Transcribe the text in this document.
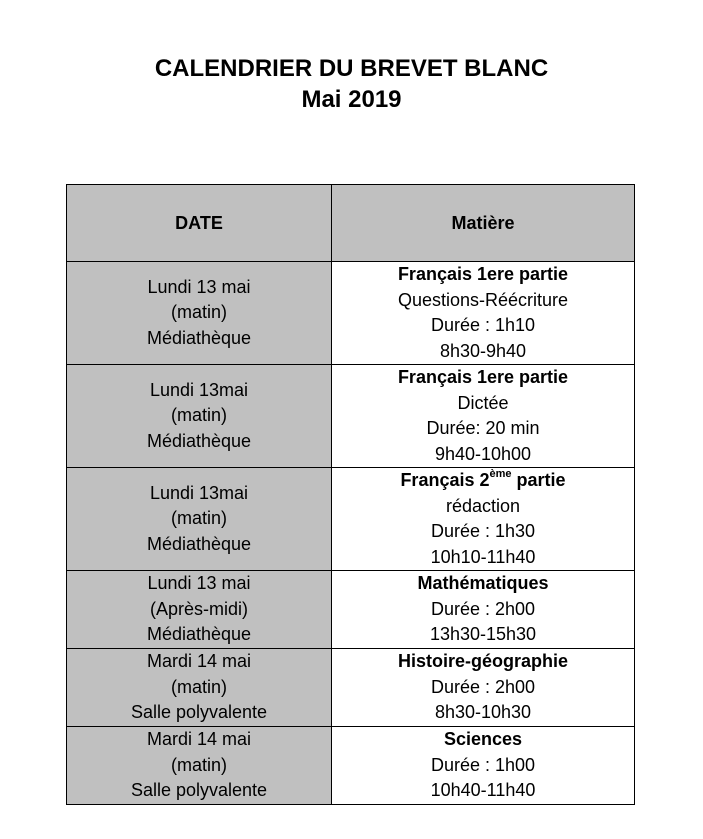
CALENDRIER DU BREVET BLANC
Mai 2019
DATE	Matière

Lundi 13 mai
(matin)
Médiathèque	Français 1ere partie
Questions-Réécriture
Durée : 1h10
8h30-9h40

Lundi 13mai
(matin)
Médiathèque	Français 1ere partie
Dictée
Durée: 20 min
9h40-10h00

Lundi 13mai
(matin)
Médiathèque	Français 2ème partie
rédaction
Durée : 1h30
10h10-11h40

Lundi 13 mai
(Après-midi)
Médiathèque	Mathématiques
Durée : 2h00
13h30-15h30

Mardi 14 mai
(matin)
Salle polyvalente	Histoire-géographie
Durée : 2h00
8h30-10h30

Mardi 14 mai
(matin)
Salle polyvalente	Sciences
Durée : 1h00
10h40-11h40
